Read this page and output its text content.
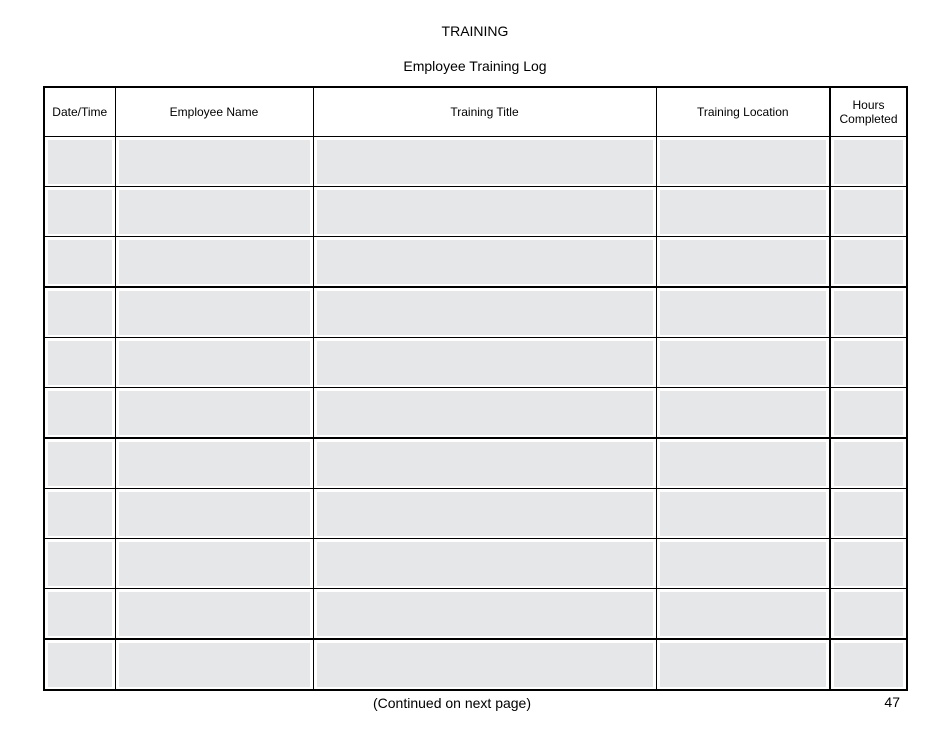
TRAINING
Employee Training Log
Date/Time	Employee Name	Training Title	Training Location	Hours Completed

(Continued on next page)	47
